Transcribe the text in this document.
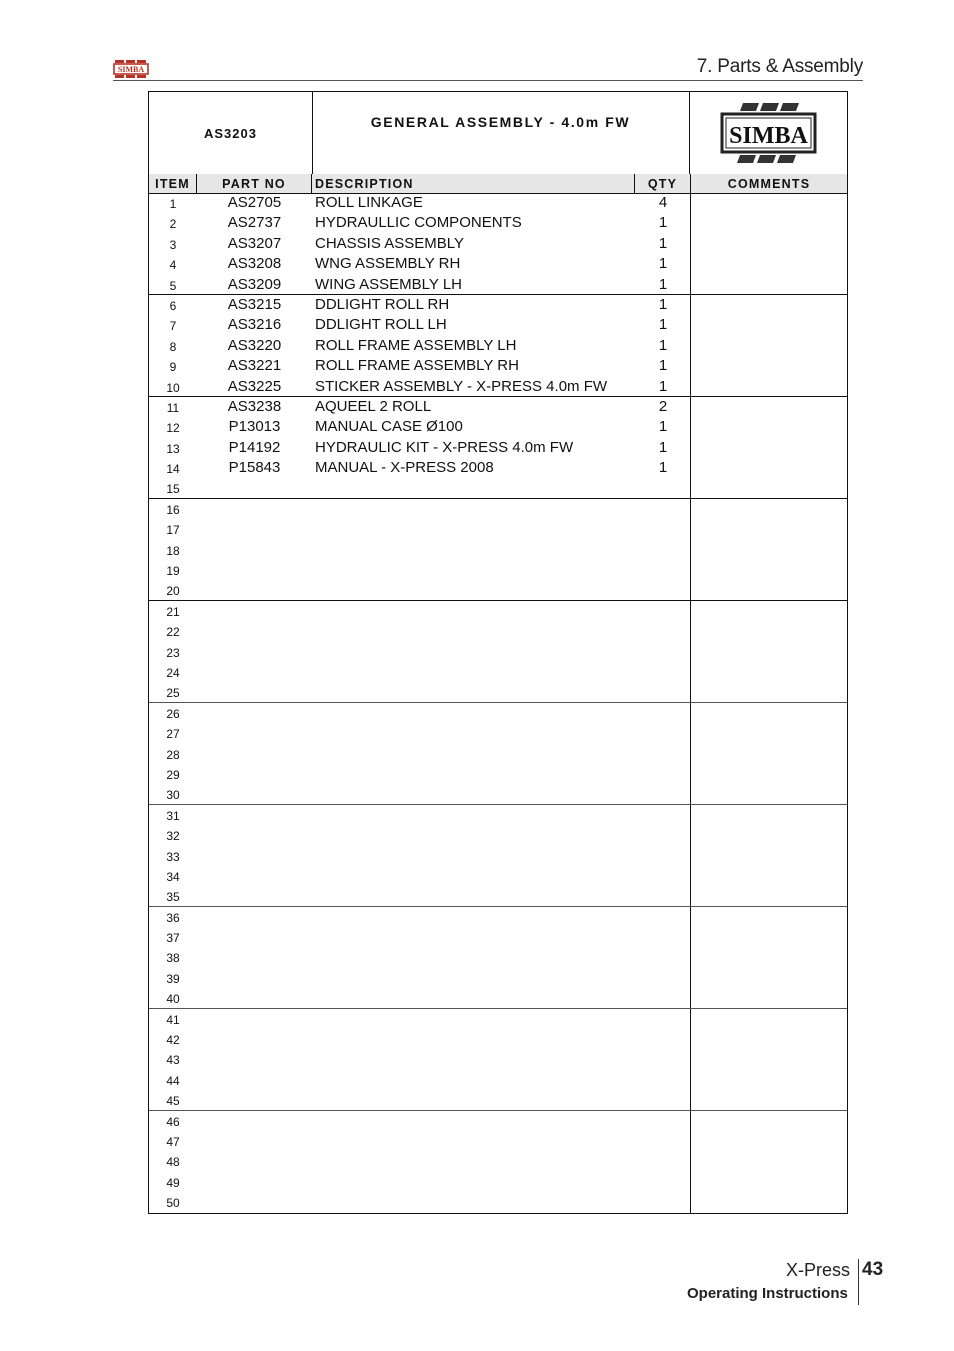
SIMBA	7. Parts & Assembly
AS3203
GENERAL ASSEMBLY - 4.0m FW
SIMBA
ITEM	PART NO	DESCRIPTION	QTY	COMMENTS
1	AS2705	ROLL LINKAGE	4
2	AS2737	HYDRAULLIC COMPONENTS	1
3	AS3207	CHASSIS ASSEMBLY	1
4	AS3208	WNG ASSEMBLY RH	1
5	AS3209	WING ASSEMBLY LH	1
6	AS3215	DDLIGHT ROLL RH	1
7	AS3216	DDLIGHT ROLL LH	1
8	AS3220	ROLL FRAME ASSEMBLY LH	1
9	AS3221	ROLL FRAME ASSEMBLY RH	1
10	AS3225	STICKER ASSEMBLY - X-PRESS 4.0m FW	1
11	AS3238	AQUEEL 2 ROLL	2
12	P13013	MANUAL CASE Ø100	1
13	P14192	HYDRAULIC KIT - X-PRESS 4.0m FW	1
14	P15843	MANUAL - X-PRESS 2008	1
15
16
17
18
19
20
21
22
23
24
25
26
27
28
29
30
31
32
33
34
35
36
37
38
39
40
41
42
43
44
45
46
47
48
49
50
X-Press 43
Operating Instructions
